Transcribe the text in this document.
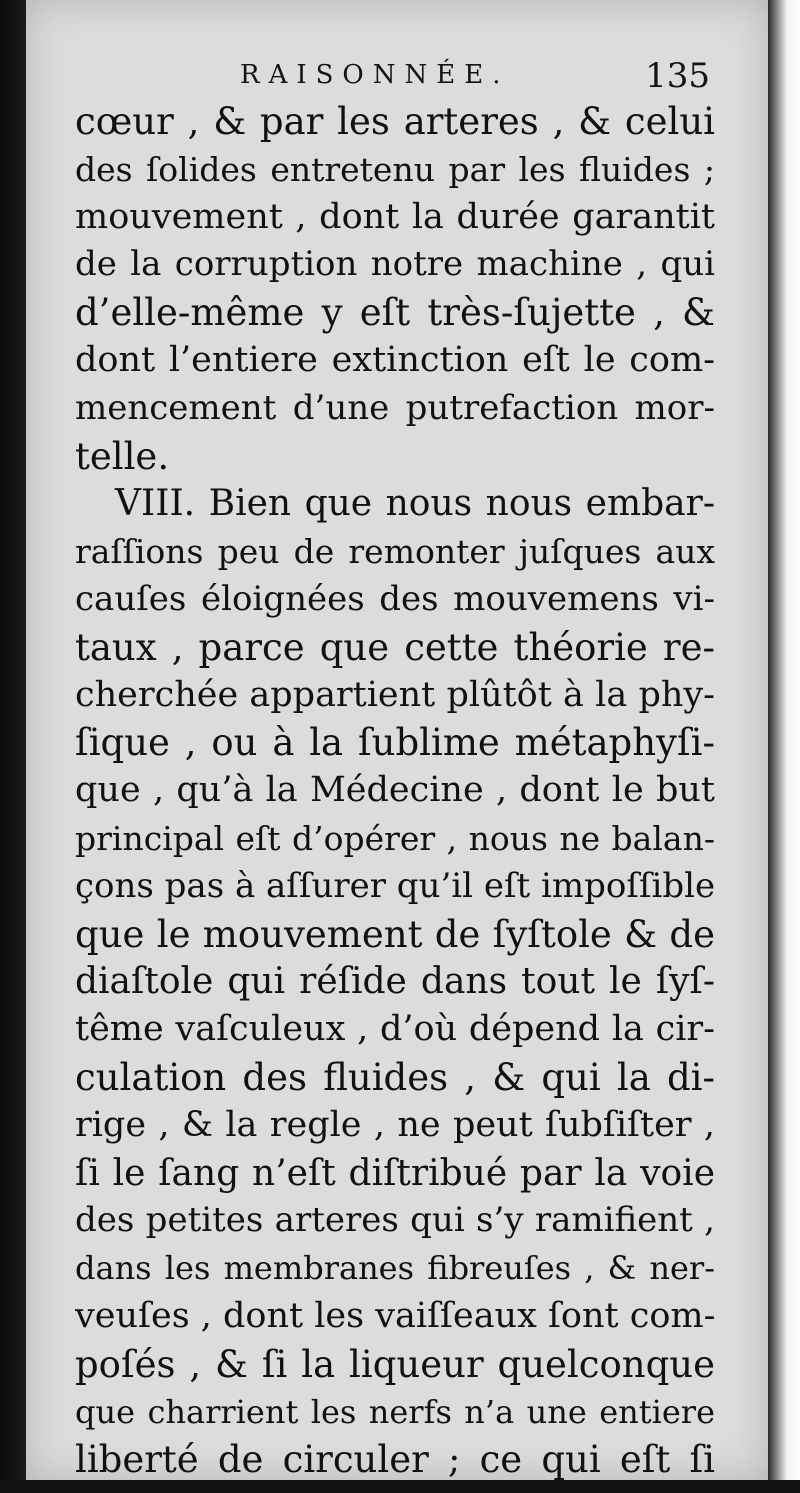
RAISONNÉE.	135
cœur , & par les arteres , & celui
des ſolides entretenu par les fluides ;
mouvement , dont la durée garantit
de la corruption notre machine , qui
d’elle-même y eſt très-ſujette , &
dont l’entiere extinction eſt le com-
mencement d’une putrefaction mor-
telle.
VIII. Bien que nous nous embar-
raſſions peu de remonter juſques aux
cauſes éloignées des mouvemens vi-
taux , parce que cette théorie re-
cherchée appartient plûtôt à la phy-
ſique , ou à la ſublime métaphyſi-
que , qu’à la Médecine , dont le but
principal eſt d’opérer , nous ne balan-
çons pas à aſſurer qu’il eſt impoſſible
que le mouvement de ſyſtole & de
diaſtole qui réſide dans tout le ſyſ-
tême vaſculeux , d’où dépend la cir-
culation des fluides , & qui la di-
rige , & la regle , ne peut ſubſiſter ,
ſi le ſang n’eſt diſtribué par la voie
des petites arteres qui s’y ramifient ,
dans les membranes fibreuſes , & ner-
veuſes , dont les vaiſſeaux ſont com-
poſés , & ſi la liqueur quelconque
que charrient les nerfs n’a une entiere
liberté de circuler ; ce qui eſt ſi
